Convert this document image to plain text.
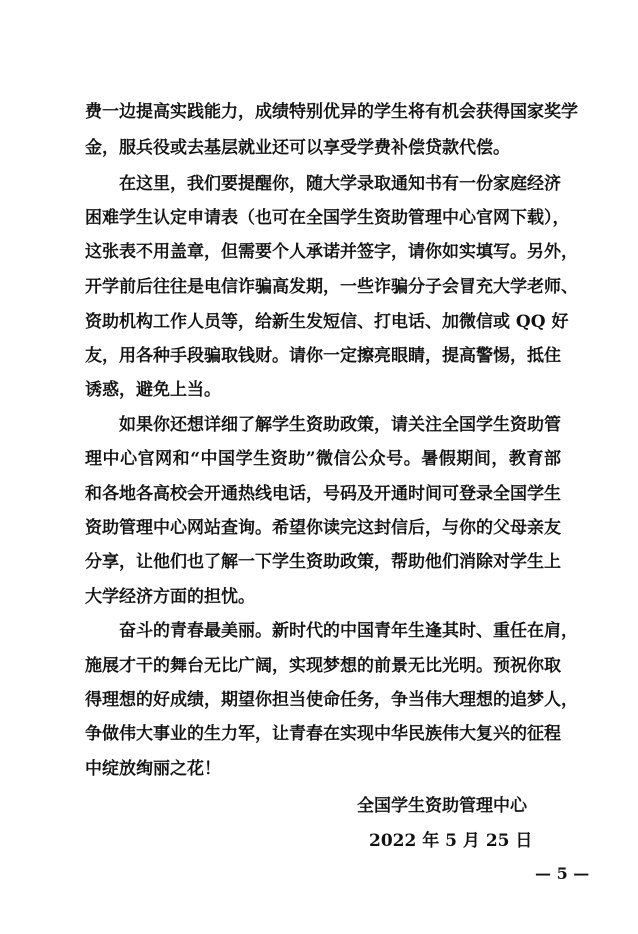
费一边提高实践能力，成绩特别优异的学生将有机会获得国家奖学
金，服兵役或去基层就业还可以享受学费补偿贷款代偿。
在这里，我们要提醒你，随大学录取通知书有一份家庭经济
困难学生认定申请表（也可在全国学生资助管理中心官网下载），
这张表不用盖章，但需要个人承诺并签字，请你如实填写。另外，
开学前后往往是电信诈骗高发期，一些诈骗分子会冒充大学老师、
资助机构工作人员等，给新生发短信、打电话、加微信或 QQ 好
友，用各种手段骗取钱财。请你一定擦亮眼睛，提高警惕，抵住
诱惑，避免上当。
如果你还想详细了解学生资助政策，请关注全国学生资助管
理中心官网和“中国学生资助”微信公众号。暑假期间，教育部
和各地各高校会开通热线电话，号码及开通时间可登录全国学生
资助管理中心网站查询。希望你读完这封信后，与你的父母亲友
分享，让他们也了解一下学生资助政策，帮助他们消除对学生上
大学经济方面的担忧。
奋斗的青春最美丽。新时代的中国青年生逢其时、重任在肩，
施展才干的舞台无比广阔，实现梦想的前景无比光明。预祝你取
得理想的好成绩，期望你担当使命任务，争当伟大理想的追梦人，
争做伟大事业的生力军，让青春在实现中华民族伟大复兴的征程
中绽放绚丽之花！
全国学生资助管理中心
2022 年 5 月 25 日
— 5 —
